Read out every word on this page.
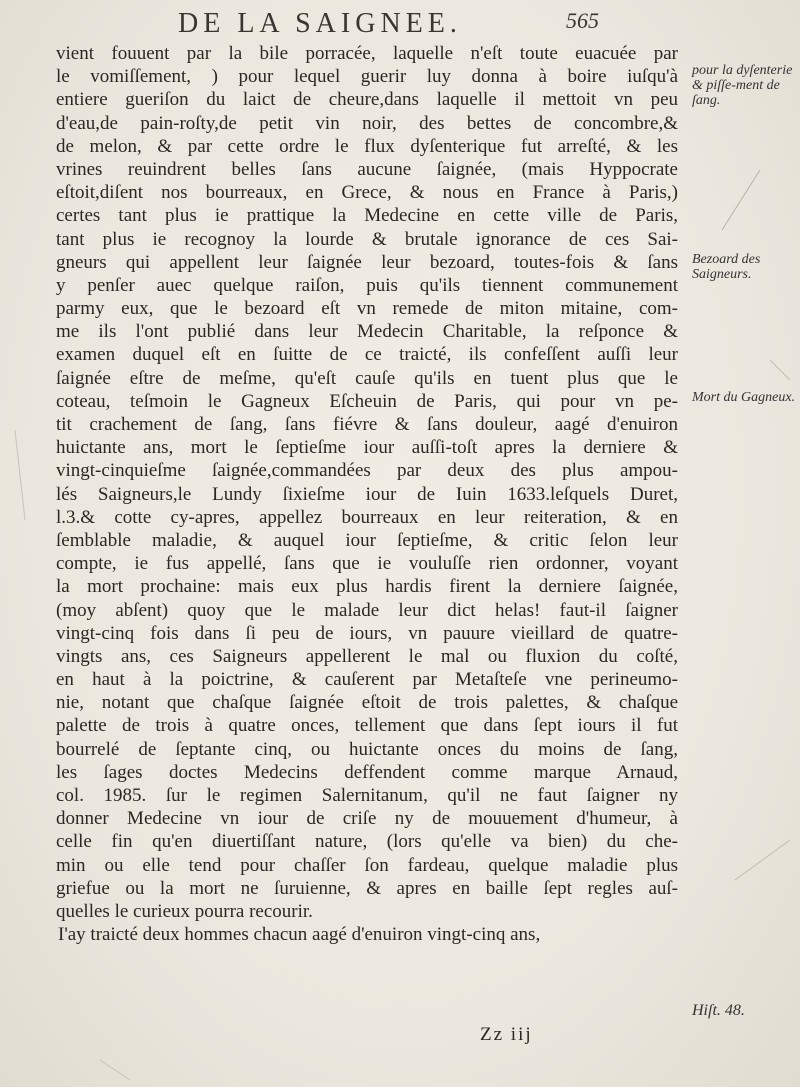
DE LA SAIGNEE.	565
vient fouuent par la bile porracée, laquelle n'eſt toute euacuée par
le vomiſſement, ) pour lequel guerir luy donna à boire iuſqu'à
entiere gueriſon du laict de cheure,dans laquelle il mettoit vn peu
d'eau,de pain-roſty,de petit vin noir, des bettes de concombre,&
de melon, & par cette ordre le flux dyſenterique fut arreſté, & les
vrines reuindrent belles ſans aucune ſaignée, (mais Hyppocrate
eſtoit,diſent nos bourreaux, en Grece, & nous en France à Paris,)
certes tant plus ie prattique la Medecine en cette ville de Paris,
tant plus ie recognoy la lourde & brutale ignorance de ces Sai-
gneurs qui appellent leur ſaignée leur bezoard, toutes-fois & ſans
y penſer auec quelque raiſon, puis qu'ils tiennent communement
parmy eux, que le bezoard eſt vn remede de miton mitaine, com-
me ils l'ont publié dans leur Medecin Charitable, la reſponce &
examen duquel eſt en ſuitte de ce traicté, ils confeſſent auſſi leur
ſaignée eſtre de meſme, qu'eſt cauſe qu'ils en tuent plus que le
coteau, teſmoin le Gagneux Eſcheuin de Paris, qui pour vn pe-
tit crachement de ſang, ſans fiévre & ſans douleur, aagé d'enuiron
huictante ans, mort le ſeptieſme iour auſſi-toſt apres la derniere &
vingt-cinquieſme ſaignée,commandées par deux des plus ampou-
lés Saigneurs,le Lundy ſixieſme iour de Iuin 1633.leſquels Duret,
l.3.& cotte cy-apres, appellez bourreaux en leur reiteration, & en
ſemblable maladie, & auquel iour ſeptieſme, & critic ſelon leur
compte, ie fus appellé, ſans que ie vouluſſe rien ordonner, voyant
la mort prochaine: mais eux plus hardis firent la derniere ſaignée,
(moy abſent) quoy que le malade leur dict helas! faut-il ſaigner
vingt-cinq fois dans ſi peu de iours, vn pauure vieillard de quatre-
vingts ans, ces Saigneurs appellerent le mal ou fluxion du coſté,
en haut à la poictrine, & cauſerent par Metaſteſe vne perineumo-
nie, notant que chaſque ſaignée eſtoit de trois palettes, & chaſque
palette de trois à quatre onces, tellement que dans ſept iours il fut
bourrelé de ſeptante cinq, ou huictante onces du moins de ſang,
les ſages doctes Medecins deffendent comme marque Arnaud,
col. 1985. ſur le regimen Salernitanum, qu'il ne faut ſaigner ny
donner Medecine vn iour de criſe ny de mouuement d'humeur, à
celle fin qu'en diuertiſſant nature, (lors qu'elle va bien) du che-
min ou elle tend pour chaſſer ſon fardeau, quelque maladie plus
griefue ou la mort ne ſuruienne, & apres en baille ſept regles auſ-
quelles le curieux pourra recourir.
I'ay traicté deux hommes chacun aagé d'enuiron vingt-cinq ans,
pour la dyſenterie & piſſe-ment de ſang.
Bezoard des Saigneurs.
Mort du Gagneux.
Hiſt. 48.
Zz iij
